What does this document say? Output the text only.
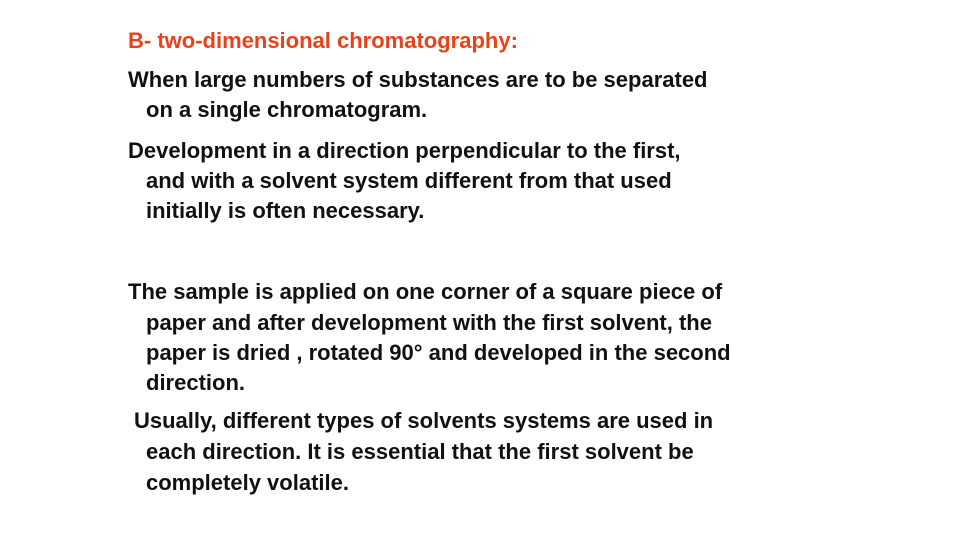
B- two-dimensional chromatography:
When large numbers of substances are to be separated
on a single chromatogram.
Development in a direction perpendicular to the first,
and with a solvent system different from that used
initially is often necessary.
The sample is applied on one corner of a square piece of
paper and after development with the first solvent, the
paper is dried , rotated 90° and developed in the second
direction.
Usually, different types of solvents systems are used in
each direction. It is essential that the first solvent be
completely volatile.
